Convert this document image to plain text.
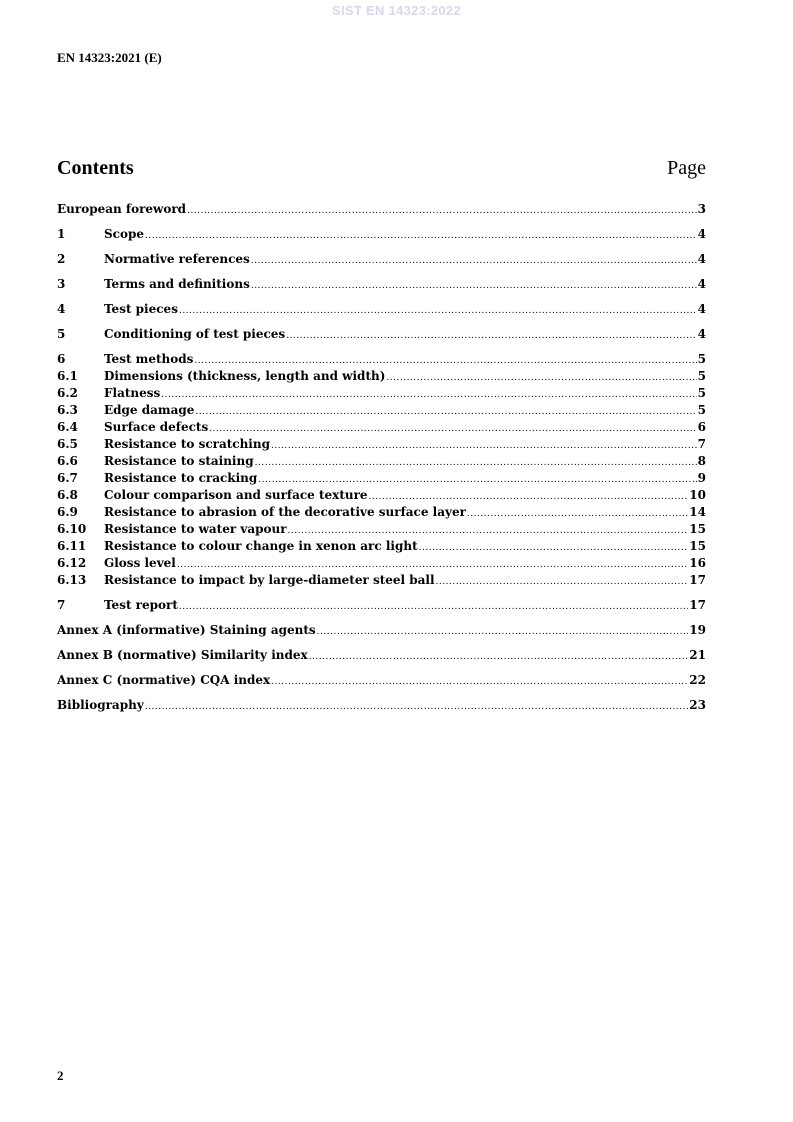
SIST EN 14323:2022
EN 14323:2021 (E)
Contents	Page
European foreword .....	3
1	Scope .....	4
2	Normative references .....	4
3	Terms and definitions .....	4
4	Test pieces .....	4
5	Conditioning of test pieces .....	4
6	Test methods .....	5
6.1	Dimensions (thickness, length and width) .....	5
6.2	Flatness .....	5
6.3	Edge damage .....	5
6.4	Surface defects .....	6
6.5	Resistance to scratching .....	7
6.6	Resistance to staining .....	8
6.7	Resistance to cracking .....	9
6.8	Colour comparison and surface texture .....	10
6.9	Resistance to abrasion of the decorative surface layer .....	14
6.10	Resistance to water vapour .....	15
6.11	Resistance to colour change in xenon arc light .....	15
6.12	Gloss level .....	16
6.13	Resistance to impact by large-diameter steel ball .....	17
7	Test report .....	17
Annex A (informative) Staining agents .....	19
Annex B (normative) Similarity index .....	21
Annex C (normative) CQA index .....	22
Bibliography .....	23
2
